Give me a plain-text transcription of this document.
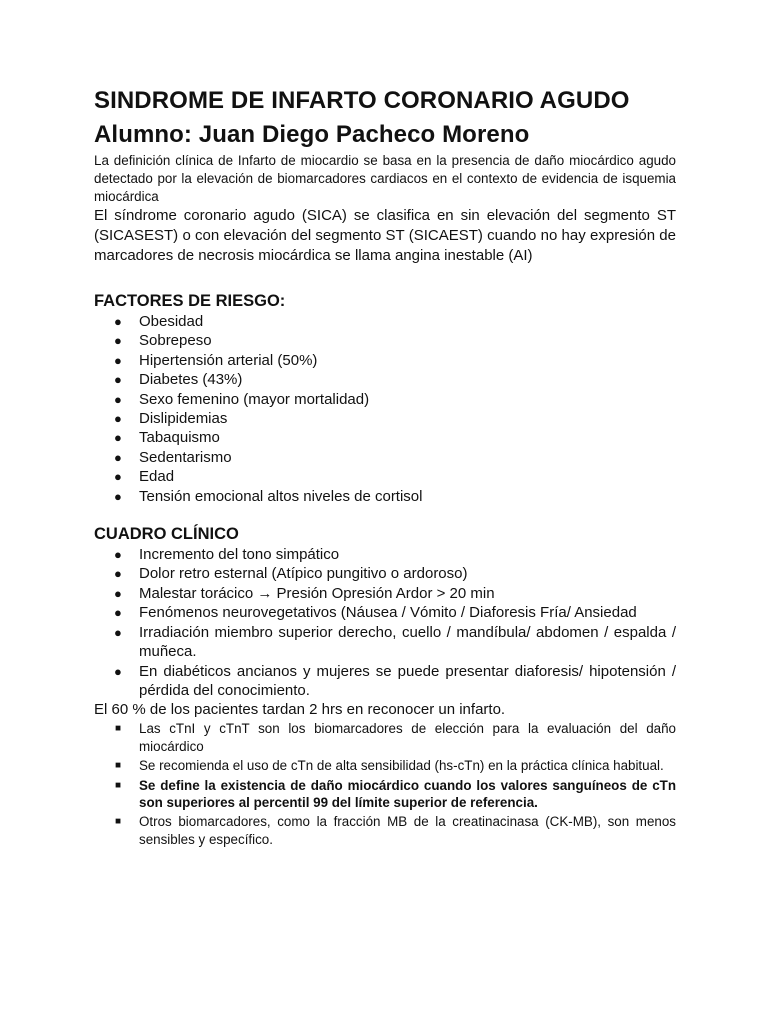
SINDROME DE INFARTO CORONARIO AGUDO
Alumno: Juan Diego Pacheco Moreno

La definición clínica de Infarto de miocardio se basa en la presencia de daño miocárdico agudo detectado por la elevación de biomarcadores cardiacos en el contexto de evidencia de isquemia miocárdica

El síndrome coronario agudo (SICA) se clasifica en sin elevación del segmento ST (SICASEST) o con elevación del segmento ST (SICAEST) cuando no hay expresión de marcadores de necrosis miocárdica se llama angina inestable (AI)

FACTORES DE RIESGO:
● Obesidad
● Sobrepeso
● Hipertensión arterial (50%)
● Diabetes (43%)
● Sexo femenino (mayor mortalidad)
● Dislipidemias
● Tabaquismo
● Sedentarismo
● Edad
● Tensión emocional altos niveles de cortisol
CUADRO CLÍNICO
● Incremento del tono simpático
● Dolor retro esternal (Atípico pungitivo o ardoroso)
● Malestar torácico → Presión Opresión Ardor > 20 min
● Fenómenos neurovegetativos (Náusea / Vómito / Diaforesis Fría/ Ansiedad
● Irradiación miembro superior derecho, cuello / mandíbula/ abdomen / espalda / muñeca.
● En diabéticos ancianos y mujeres se puede presentar diaforesis/ hipotensión / pérdida del conocimiento.

El 60 % de los pacientes tardan 2 hrs en reconocer un infarto.

■ Las cTnI y cTnT son los biomarcadores de elección para la evaluación del daño miocárdico
■ Se recomienda el uso de cTn de alta sensibilidad (hs-cTn) en la práctica clínica habitual.
■ Se define la existencia de daño miocárdico cuando los valores sanguíneos de cTn son superiores al percentil 99 del límite superior de referencia.
■ Otros biomarcadores, como la fracción MB de la creatinacinasa (CK-MB), son menos sensibles y específico.
